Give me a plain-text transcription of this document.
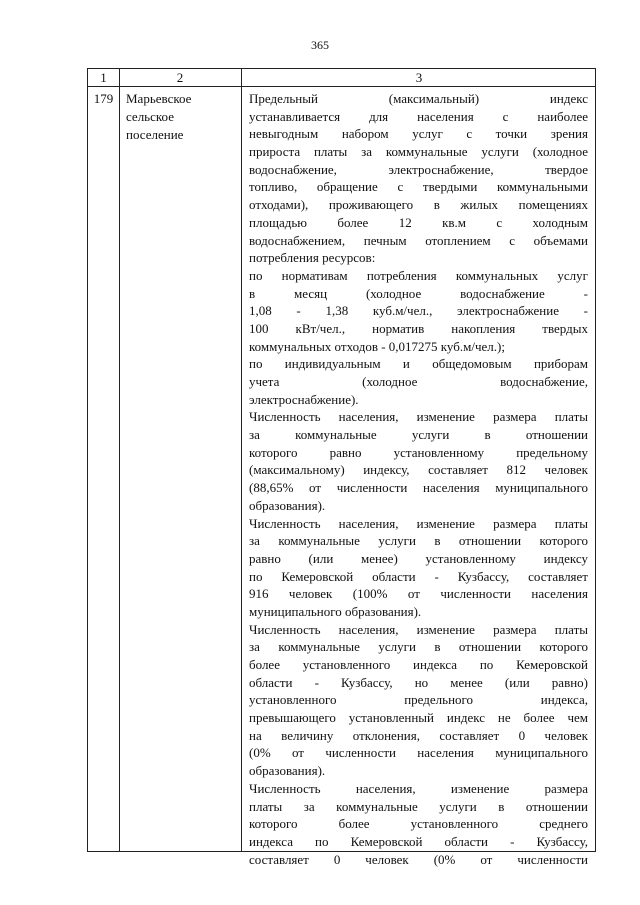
365
1	2	3
179 Марьевское
сельское
поселение
Предельный (максимальный) индекс
устанавливается для населения с наиболее
невыгодным набором услуг с точки зрения
прироста платы за коммунальные услуги (холодное
водоснабжение, электроснабжение, твердое
топливо, обращение с твердыми коммунальными
отходами), проживающего в жилых помещениях
площадью более 12 кв.м с холодным
водоснабжением, печным отоплением с объемами
потребления ресурсов:
по нормативам потребления коммунальных услуг
в месяц (холодное водоснабжение -
1,08 - 1,38 куб.м/чел., электроснабжение -
100 кВт/чел., норматив накопления твердых
коммунальных отходов - 0,017275 куб.м/чел.);
по индивидуальным и общедомовым приборам
учета (холодное водоснабжение,
электроснабжение).
Численность населения, изменение размера платы
за коммунальные услуги в отношении
которого равно установленному предельному
(максимальному) индексу, составляет 812 человек
(88,65% от численности населения муниципального
образования).
Численность населения, изменение размера платы
за коммунальные услуги в отношении которого
равно (или менее) установленному индексу
по Кемеровской области - Кузбассу, составляет
916 человек (100% от численности населения
муниципального образования).
Численность населения, изменение размера платы
за коммунальные услуги в отношении которого
более установленного индекса по Кемеровской
области - Кузбассу, но менее (или равно)
установленного предельного индекса,
превышающего установленный индекс не более чем
на величину отклонения, составляет 0 человек
(0% от численности населения муниципального
образования).
Численность населения, изменение размера
платы за коммунальные услуги в отношении
которого более установленного среднего
индекса по Кемеровской области - Кузбассу,
составляет 0 человек (0% от численности
